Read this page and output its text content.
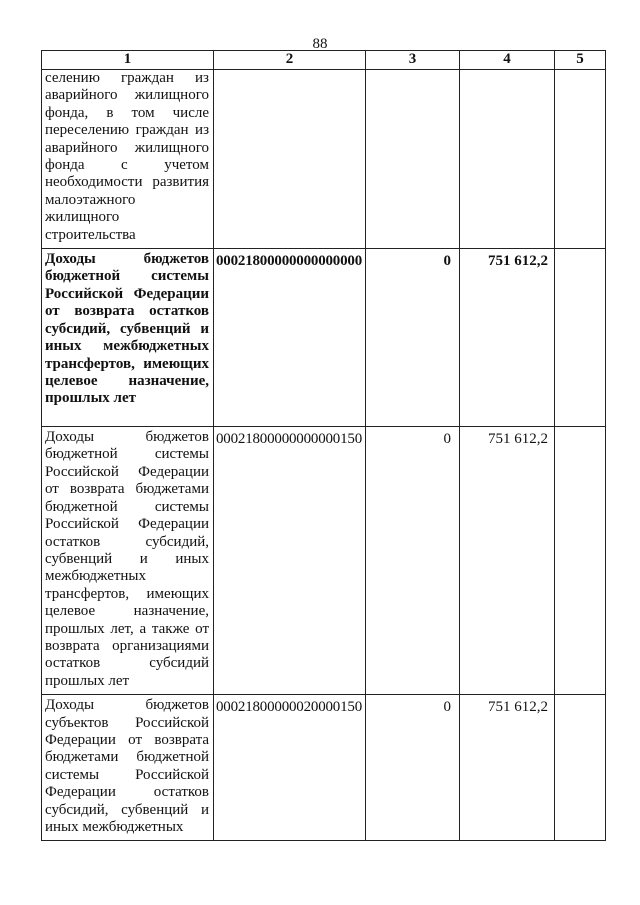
88
1	2	3	4	5
селению граждан из аварийного жилищного фонда, в том числе переселению граждан из аварийного жилищного фонда с учетом необходимости развития малоэтажного жилищного строительства				
Доходы бюджетов бюджетной системы Российской Федерации от возврата остатков субсидий, субвенций и иных межбюджетных трансфертов, имеющих целевое назначение, прошлых лет	00021800000000000000	0	751 612,2	
Доходы бюджетов бюджетной системы Российской Федерации от возврата бюджетами бюджетной системы Российской Федерации остатков субсидий, субвенций и иных межбюджетных трансфертов, имеющих целевое назначение, прошлых лет, а также от возврата организациями остатков субсидий прошлых лет	00021800000000000150	0	751 612,2	
Доходы бюджетов субъектов Российской Федерации от возврата бюджетами бюджетной системы Российской Федерации остатков субсидий, субвенций и иных межбюджетных	00021800000020000150	0	751 612,2	
